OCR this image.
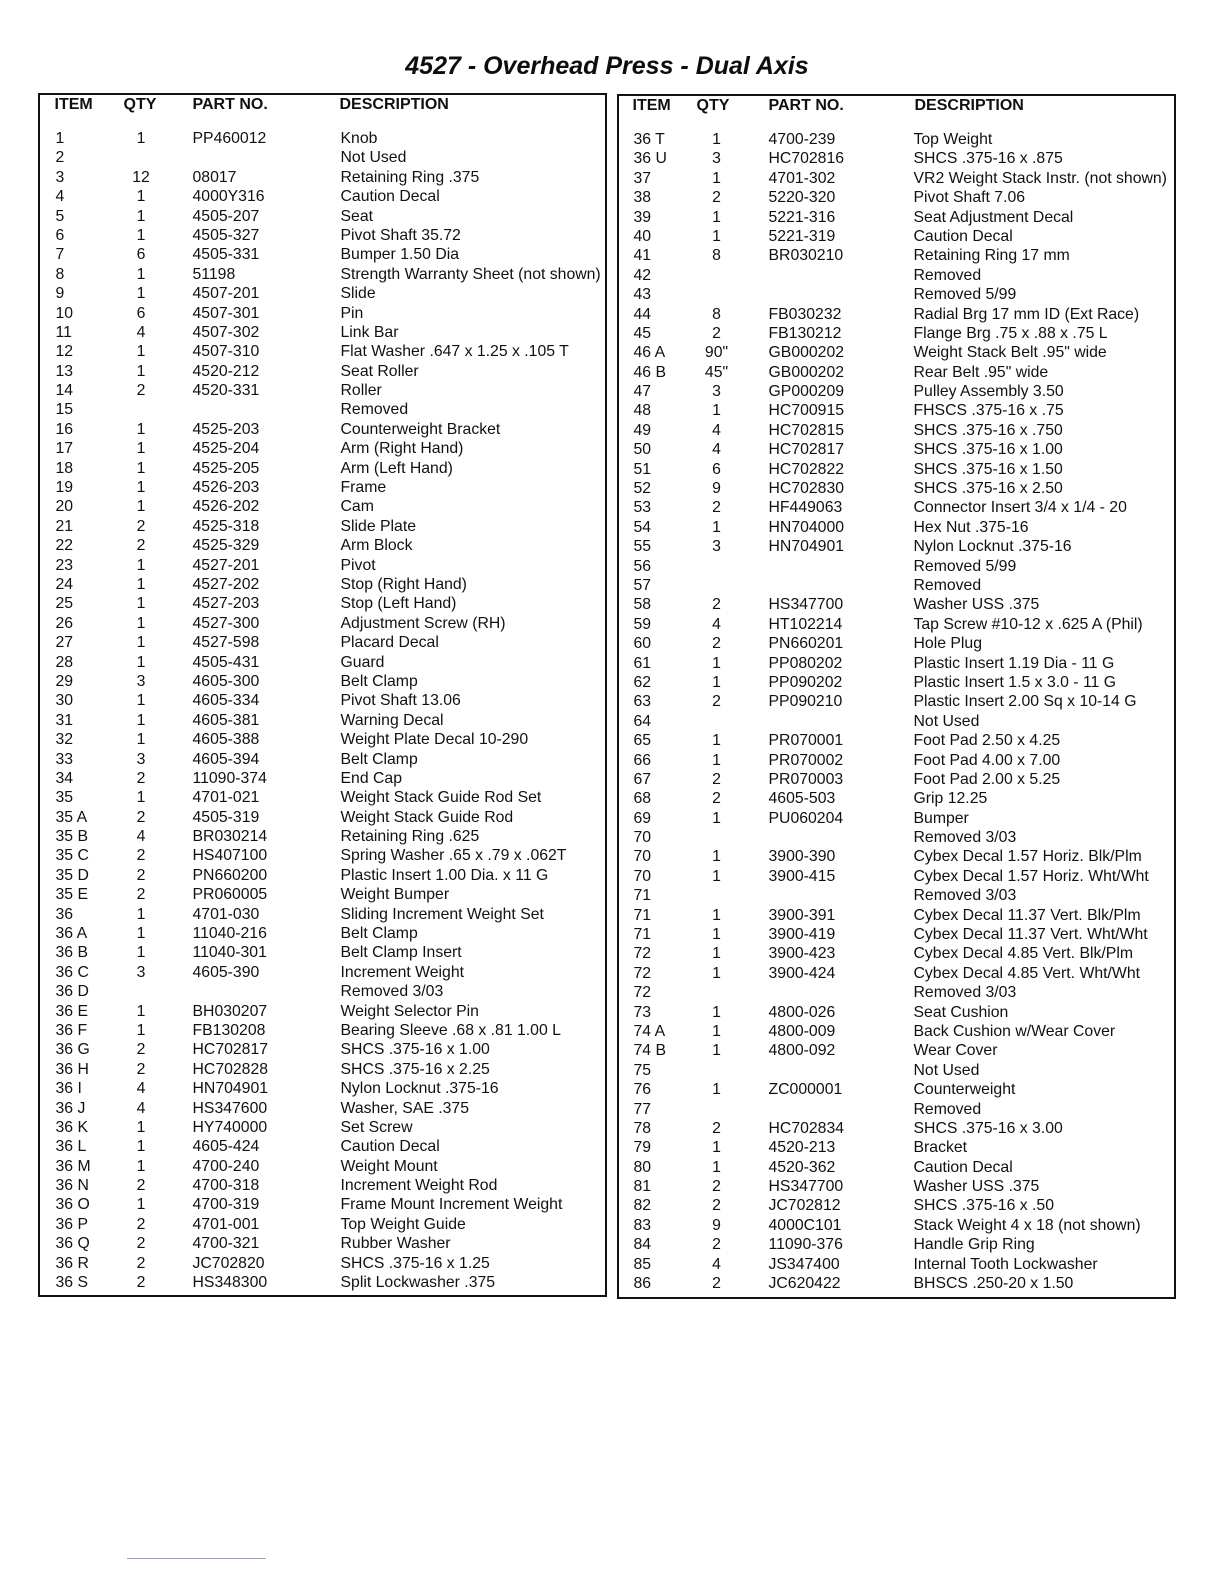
4527 - Overhead Press - Dual Axis
ITEM QTY PART NO.	DESCRIPTION
1	1	PP460012	Knob
2	Not Used
3	12	08017	Retaining Ring .375
4	1	4000Y316	Caution Decal
5	1	4505-207	Seat
6	1	4505-327	Pivot Shaft 35.72
7	6	4505-331	Bumper 1.50 Dia
8	1	51198	Strength Warranty Sheet (not shown)
9	1	4507-201	Slide
10	6	4507-301	Pin
11	4	4507-302	Link Bar
12	1	4507-310	Flat Washer .647 x 1.25 x .105 T
13	1	4520-212	Seat Roller
14	2	4520-331	Roller
15	Removed
16	1	4525-203	Counterweight Bracket
17	1	4525-204	Arm (Right Hand)
18	1	4525-205	Arm (Left Hand)
19	1	4526-203	Frame
20	1	4526-202	Cam
21	2	4525-318	Slide Plate
22	2	4525-329	Arm Block
23	1	4527-201	Pivot
24	1	4527-202	Stop (Right Hand)
25	1	4527-203	Stop (Left Hand)
26	1	4527-300	Adjustment Screw (RH)
27	1	4527-598	Placard Decal
28	1	4505-431	Guard
29	3	4605-300	Belt Clamp
30	1	4605-334	Pivot Shaft 13.06
31	1	4605-381	Warning Decal
32	1	4605-388	Weight Plate Decal 10-290
33	3	4605-394	Belt Clamp
34	2	11090-374	End Cap
35	1	4701-021	Weight Stack Guide Rod Set
35 A	2	4505-319	Weight Stack Guide Rod
35 B	4	BR030214	Retaining Ring .625
35 C	2	HS407100	Spring Washer .65 x .79 x .062T
35 D	2	PN660200	Plastic Insert 1.00 Dia. x 11 G
35 E	2	PR060005	Weight Bumper
36	1	4701-030	Sliding Increment Weight Set
36 A	1	11040-216	Belt Clamp
36 B	1	11040-301	Belt Clamp Insert
36 C	3	4605-390	Increment Weight
36 D	Removed 3/03
36 E	1	BH030207	Weight Selector Pin
36 F	1	FB130208	Bearing Sleeve .68 x .81 1.00 L
36 G	2	HC702817	SHCS .375-16 x 1.00
36 H	2	HC702828	SHCS .375-16 x 2.25
36 I	4	HN704901	Nylon Locknut .375-16
36 J	4	HS347600	Washer, SAE .375
36 K	1	HY740000	Set Screw
36 L	1	4605-424	Caution Decal
36 M	1	4700-240	Weight Mount
36 N	2	4700-318	Increment Weight Rod
36 O	1	4700-319	Frame Mount Increment Weight
36 P	2	4701-001	Top Weight Guide
36 Q	2	4700-321	Rubber Washer
36 R	2	JC702820	SHCS .375-16 x 1.25
36 S	2	HS348300	Split Lockwasher .375
ITEM QTY PART NO.	DESCRIPTION
36 T	1	4700-239	Top Weight
36 U	3	HC702816	SHCS .375-16 x .875
37	1	4701-302	VR2 Weight Stack Instr. (not shown)
38	2	5220-320	Pivot Shaft 7.06
39	1	5221-316	Seat Adjustment Decal
40	1	5221-319	Caution Decal
41	8	BR030210	Retaining Ring 17 mm
42	Removed
43	Removed 5/99
44	8	FB030232	Radial Brg 17 mm ID (Ext Race)
45	2	FB130212	Flange Brg .75 x .88 x .75 L
46 A	90"	GB000202	Weight Stack Belt .95" wide
46 B	45"	GB000202	Rear Belt .95" wide
47	3	GP000209	Pulley Assembly 3.50
48	1	HC700915	FHSCS .375-16 x .75
49	4	HC702815	SHCS .375-16 x .750
50	4	HC702817	SHCS .375-16 x 1.00
51	6	HC702822	SHCS .375-16 x 1.50
52	9	HC702830	SHCS .375-16 x 2.50
53	2	HF449063	Connector Insert 3/4 x 1/4 - 20
54	1	HN704000	Hex Nut .375-16
55	3	HN704901	Nylon Locknut .375-16
56	Removed 5/99
57	Removed
58	2	HS347700	Washer USS .375
59	4	HT102214	Tap Screw #10-12 x .625 A (Phil)
60	2	PN660201	Hole Plug
61	1	PP080202	Plastic Insert 1.19 Dia - 11 G
62	1	PP090202	Plastic Insert 1.5 x 3.0 - 11 G
63	2	PP090210	Plastic Insert 2.00 Sq x 10-14 G
64	Not Used
65	1	PR070001	Foot Pad 2.50 x 4.25
66	1	PR070002	Foot Pad 4.00 x 7.00
67	2	PR070003	Foot Pad 2.00 x 5.25
68	2	4605-503	Grip 12.25
69	1	PU060204	Bumper
70	Removed 3/03
70	1	3900-390	Cybex Decal 1.57 Horiz. Blk/Plm
70	1	3900-415	Cybex Decal 1.57 Horiz. Wht/Wht
71	Removed 3/03
71	1	3900-391	Cybex Decal 11.37 Vert. Blk/Plm
71	1	3900-419	Cybex Decal 11.37 Vert. Wht/Wht
72	1	3900-423	Cybex Decal 4.85 Vert. Blk/Plm
72	1	3900-424	Cybex Decal 4.85 Vert. Wht/Wht
72	Removed 3/03
73	1	4800-026	Seat Cushion
74 A	1	4800-009	Back Cushion w/Wear Cover
74 B	1	4800-092	Wear Cover
75	Not Used
76	1	ZC000001	Counterweight
77	Removed
78	2	HC702834	SHCS .375-16 x 3.00
79	1	4520-213	Bracket
80	1	4520-362	Caution Decal
81	2	HS347700	Washer USS .375
82	2	JC702812	SHCS .375-16 x .50
83	9	4000C101	Stack Weight 4 x 18 (not shown)
84	2	11090-376	Handle Grip Ring
85	4	JS347400	Internal Tooth Lockwasher
86	2	JC620422	BHSCS .250-20 x 1.50
